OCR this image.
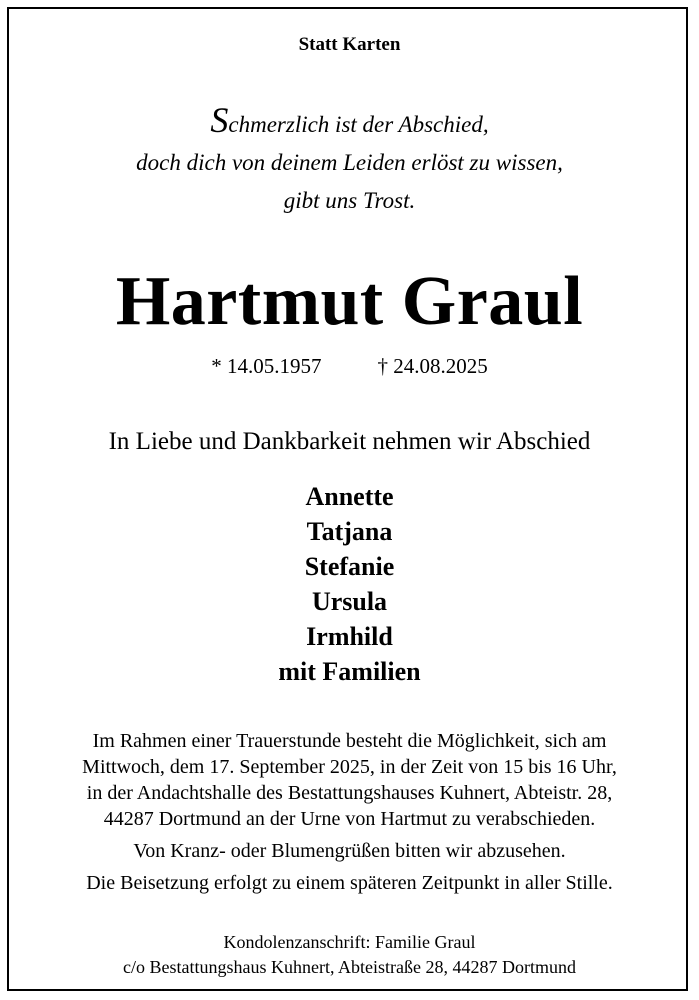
Statt Karten
Schmerzlich ist der Abschied,
doch dich von deinem Leiden erlöst zu wissen,
gibt uns Trost.
Hartmut Graul
* 14.05.1957	† 24.08.2025
In Liebe und Dankbarkeit nehmen wir Abschied
Annette
Tatjana
Stefanie
Ursula
Irmhild
mit Familien
Im Rahmen einer Trauerstunde besteht die Möglichkeit, sich am
Mittwoch, dem 17. September 2025, in der Zeit von 15 bis 16 Uhr,
in der Andachtshalle des Bestattungshauses Kuhnert, Abteistr. 28,
44287 Dortmund an der Urne von Hartmut zu verabschieden.
Von Kranz- oder Blumengrüßen bitten wir abzusehen.
Die Beisetzung erfolgt zu einem späteren Zeitpunkt in aller Stille.
Kondolenzanschrift: Familie Graul
c/o Bestattungshaus Kuhnert, Abteistraße 28, 44287 Dortmund
